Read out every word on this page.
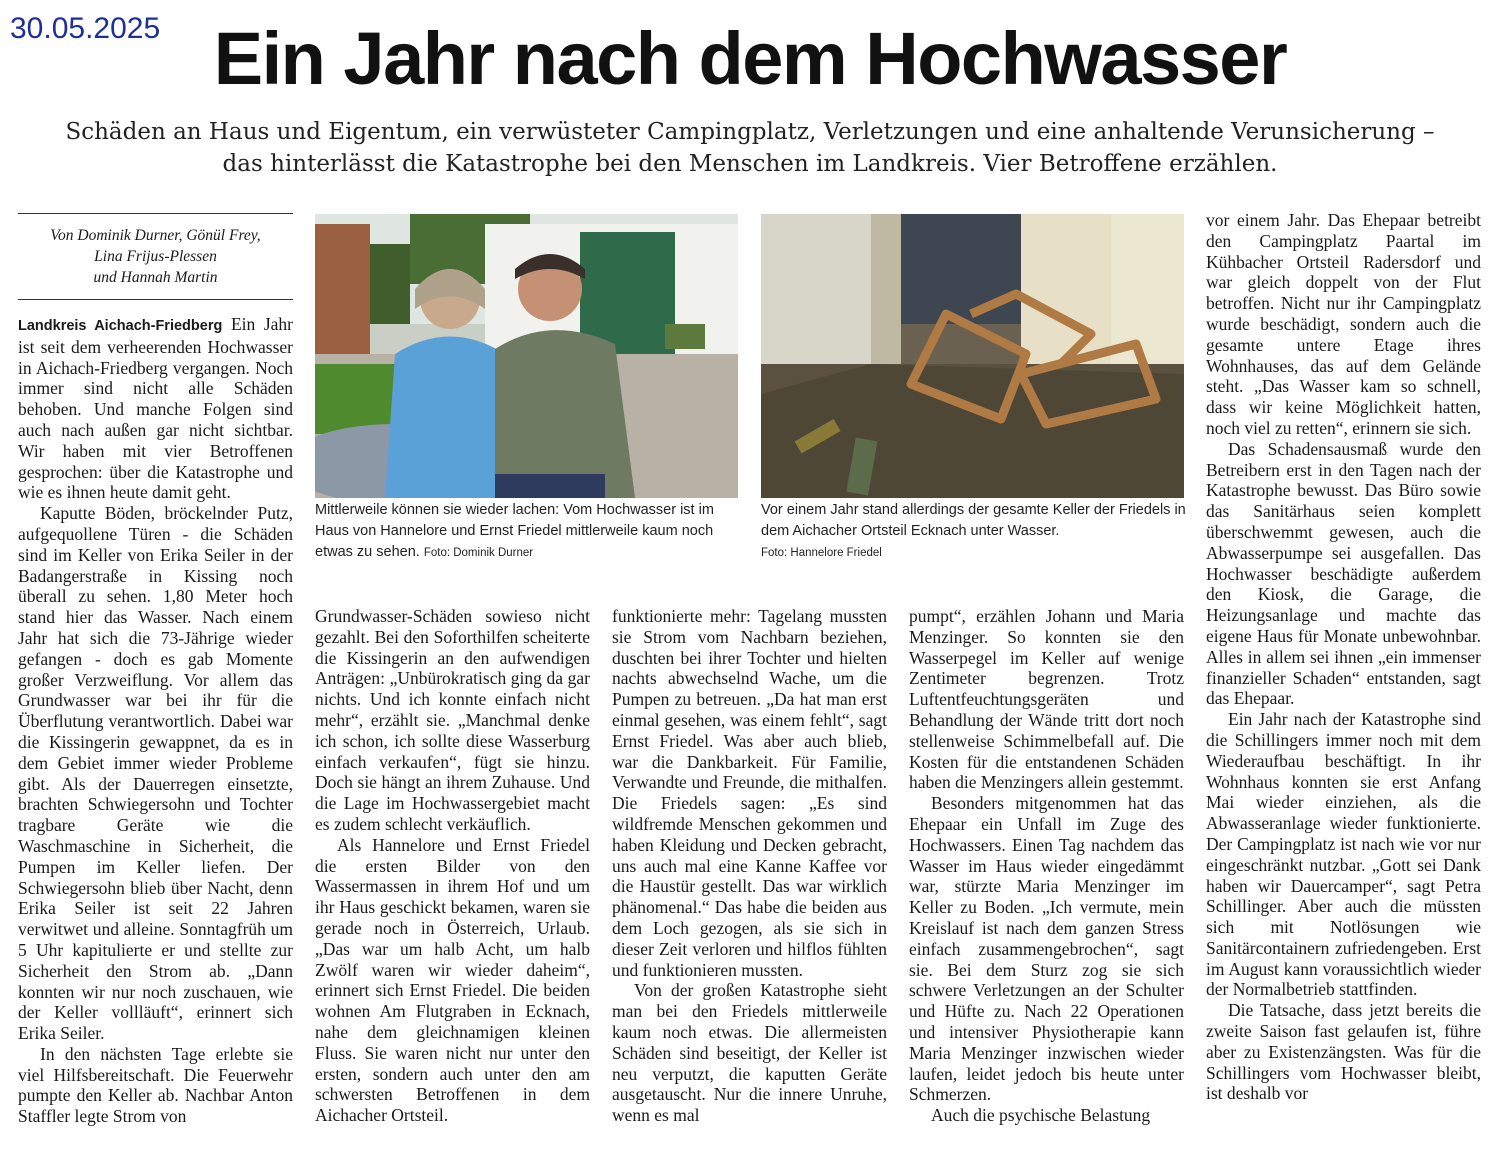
30.05.2025 Ein Jahr nach dem Hochwasser
Schäden an Haus und Eigentum, ein verwüsteter Campingplatz, Verletzungen und eine anhaltende Verunsicherung –
das hinterlässt die Katastrophe bei den Menschen im Landkreis. Vier Betroffene erzählen.
Von Dominik Durner, Gönül Frey,
Lina Frijus-Plessen
und Hannah Martin

Landkreis Aichach-Friedberg Ein Jahr ist seit dem verheerenden Hochwasser in Aichach-Friedberg vergangen. Noch immer sind nicht alle Schäden behoben. Und manche Folgen sind auch nach außen gar nicht sichtbar. Wir haben mit vier Betroffenen gesprochen: über die Katastrophe und wie es ihnen heute damit geht.

Kaputte Böden, bröckelnder Putz, aufgequollene Türen - die Schäden sind im Keller von Erika Seiler in der Badangerstraße in Kissing noch überall zu sehen. 1,80 Meter hoch stand hier das Wasser. Nach einem Jahr hat sich die 73-Jährige wieder gefangen - doch es gab Momente großer Verzweiflung. Vor allem das Grundwasser war bei ihr für die Überflutung verantwortlich. Dabei war die Kissingerin gewappnet, da es in dem Gebiet immer wieder Probleme gibt. Als der Dauerregen einsetzte, brachten Schwiegersohn und Tochter tragbare Geräte wie die Waschmaschine in Sicherheit, die Pumpen im Keller liefen. Der Schwiegersohn blieb über Nacht, denn Erika Seiler ist seit 22 Jahren verwitwet und alleine. Sonntagfrüh um 5 Uhr kapitulierte er und stellte zur Sicherheit den Strom ab. „Dann konnten wir nur noch zuschauen, wie der Keller vollläuft“, erinnert sich Erika Seiler.

In den nächsten Tage erlebte sie viel Hilfsbereitschaft. Die Feuerwehr pumpte den Keller ab. Nachbar Anton Staffler legte Strom von

Mittlerweile können sie wieder lachen: Vom Hochwasser ist im Haus von Hannelore und Ernst Friedel mittlerweile kaum noch etwas zu sehen. Foto: Dominik Durner
Vor einem Jahr stand allerdings der gesamte Keller der Friedels in dem Aichacher Ortsteil Ecknach unter Wasser.
Foto: Hannelore Friedel

Grundwasser-Schäden sowieso nicht gezahlt. Bei den Soforthilfen scheiterte die Kissingerin an den aufwendigen Anträgen: „Unbürokratisch ging da gar nichts. Und ich konnte einfach nicht mehr“, erzählt sie. „Manchmal denke ich schon, ich sollte diese Wasserburg einfach verkaufen“, fügt sie hinzu. Doch sie hängt an ihrem Zuhause. Und die Lage im Hochwassergebiet macht es zudem schlecht verkäuflich.

Als Hannelore und Ernst Friedel die ersten Bilder von den Wassermassen in ihrem Hof und um ihr Haus geschickt bekamen, waren sie gerade noch in Österreich, Urlaub. „Das war um halb Acht, um halb Zwölf waren wir wieder daheim“, erinnert sich Ernst Friedel. Die beiden wohnen Am Flutgraben in Ecknach, nahe dem gleichnamigen kleinen Fluss. Sie waren nicht nur unter den ersten, sondern auch unter den am schwersten Betroffenen in dem Aichacher Ortsteil.

funktionierte mehr: Tagelang mussten sie Strom vom Nachbarn beziehen, duschten bei ihrer Tochter und hielten nachts abwechselnd Wache, um die Pumpen zu betreuen. „Da hat man erst einmal gesehen, was einem fehlt“, sagt Ernst Friedel. Was aber auch blieb, war die Dankbarkeit. Für Familie, Verwandte und Freunde, die mithalfen. Die Friedels sagen: „Es sind wildfremde Menschen gekommen und haben Kleidung und Decken gebracht, uns auch mal eine Kanne Kaffee vor die Haustür gestellt. Das war wirklich phänomenal.“ Das habe die beiden aus dem Loch gezogen, als sie sich in dieser Zeit verloren und hilflos fühlten und funktionieren mussten.

Von der großen Katastrophe sieht man bei den Friedels mittlerweile kaum noch etwas. Die allermeisten Schäden sind beseitigt, der Keller ist neu verputzt, die kaputten Geräte ausgetauscht. Nur die innere Unruhe, wenn es mal

pumpt“, erzählen Johann und Maria Menzinger. So konnten sie den Wasserpegel im Keller auf wenige Zentimeter begrenzen. Trotz Luftentfeuchtungsgeräten und Behandlung der Wände tritt dort noch stellenweise Schimmelbefall auf. Die Kosten für die entstandenen Schäden haben die Menzingers allein gestemmt.

Besonders mitgenommen hat das Ehepaar ein Unfall im Zuge des Hochwassers. Einen Tag nachdem das Wasser im Haus wieder eingedämmt war, stürzte Maria Menzinger im Keller zu Boden. „Ich vermute, mein Kreislauf ist nach dem ganzen Stress einfach zusammengebrochen“, sagt sie. Bei dem Sturz zog sie sich schwere Verletzungen an der Schulter und Hüfte zu. Nach 22 Operationen und intensiver Physiotherapie kann Maria Menzinger inzwischen wieder laufen, leidet jedoch bis heute unter Schmerzen.

Auch die psychische Belastung

vor einem Jahr. Das Ehepaar betreibt den Campingplatz Paartal im Kühbacher Ortsteil Radersdorf und war gleich doppelt von der Flut betroffen. Nicht nur ihr Campingplatz wurde beschädigt, sondern auch die gesamte untere Etage ihres Wohnhauses, das auf dem Gelände steht. „Das Wasser kam so schnell, dass wir keine Möglichkeit hatten, noch viel zu retten“, erinnern sie sich.

Das Schadensausmaß wurde den Betreibern erst in den Tagen nach der Katastrophe bewusst. Das Büro sowie das Sanitärhaus seien komplett überschwemmt gewesen, auch die Abwasserpumpe sei ausgefallen. Das Hochwasser beschädigte außerdem den Kiosk, die Garage, die Heizungsanlage und machte das eigene Haus für Monate unbewohnbar. Alles in allem sei ihnen „ein immenser finanzieller Schaden“ entstanden, sagt das Ehepaar.

Ein Jahr nach der Katastrophe sind die Schillingers immer noch mit dem Wiederaufbau beschäftigt. In ihr Wohnhaus konnten sie erst Anfang Mai wieder einziehen, als die Abwasseranlage wieder funktionierte. Der Campingplatz ist nach wie vor nur eingeschränkt nutzbar. „Gott sei Dank haben wir Dauercamper“, sagt Petra Schillinger. Aber auch die müssten sich mit Notlösungen wie Sanitärcontainern zufriedengeben. Erst im August kann voraussichtlich wieder der Normalbetrieb stattfinden.

Die Tatsache, dass jetzt bereits die zweite Saison fast gelaufen ist, führe aber zu Existenzängsten. Was für die Schillingers vom Hochwasser bleibt, ist deshalb vor
